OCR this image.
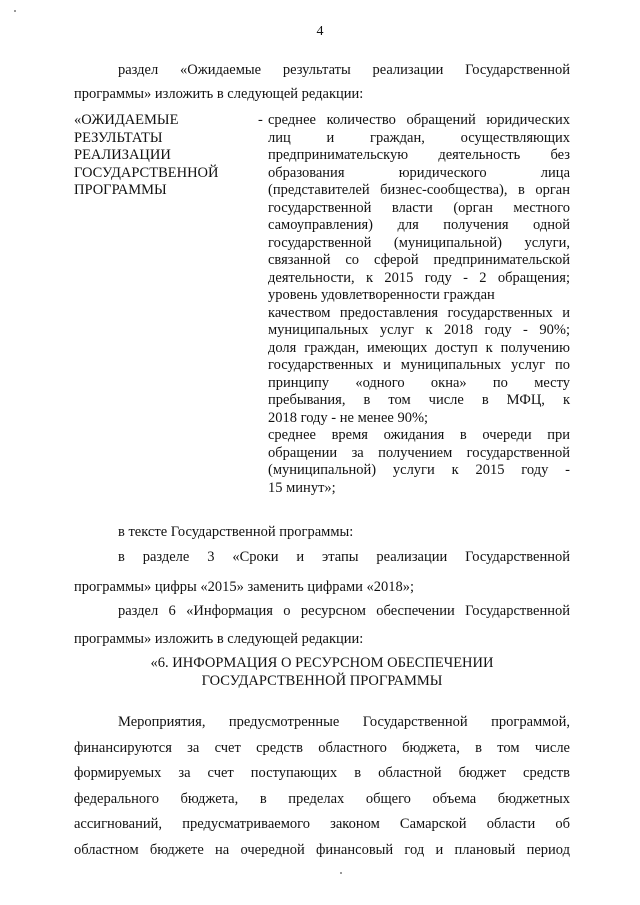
4
раздел «Ожидаемые результаты реализации Государственной
программы» изложить в следующей редакции:
«ОЖИДАЕМЫЕ
РЕЗУЛЬТАТЫ
РЕАЛИЗАЦИИ
ГОСУДАРСТВЕННОЙ
ПРОГРАММЫ
- среднее количество обращений юридических
лиц и граждан, осуществляющих
предпринимательскую деятельность без
образования юридического лица
(представителей бизнес-сообщества), в орган
государственной власти (орган местного
самоуправления) для получения одной
государственной (муниципальной) услуги,
связанной со сферой предпринимательской
деятельности, к 2015 году - 2 обращения;
уровень удовлетворенности граждан
качеством предоставления государственных и
муниципальных услуг к 2018 году - 90%;
доля граждан, имеющих доступ к получению
государственных и муниципальных услуг по
принципу «одного окна» по месту
пребывания, в том числе в МФЦ, к
2018 году - не менее 90%;
среднее время ожидания в очереди при
обращении за получением государственной
(муниципальной) услуги к 2015 году -
15 минут»;
в тексте Государственной программы:
в разделе 3 «Сроки и этапы реализации Государственной
программы» цифры «2015» заменить цифрами «2018»;
раздел 6 «Информация о ресурсном обеспечении Государственной
программы» изложить в следующей редакции:
«6. ИНФОРМАЦИЯ О РЕСУРСНОМ ОБЕСПЕЧЕНИИ
ГОСУДАРСТВЕННОЙ ПРОГРАММЫ
Мероприятия, предусмотренные Государственной программой,
финансируются за счет средств областного бюджета, в том числе
формируемых за счет поступающих в областной бюджет средств
федерального бюджета, в пределах общего объема бюджетных
ассигнований, предусматриваемого законом Самарской области об
областном бюджете на очередной финансовый год и плановый период
